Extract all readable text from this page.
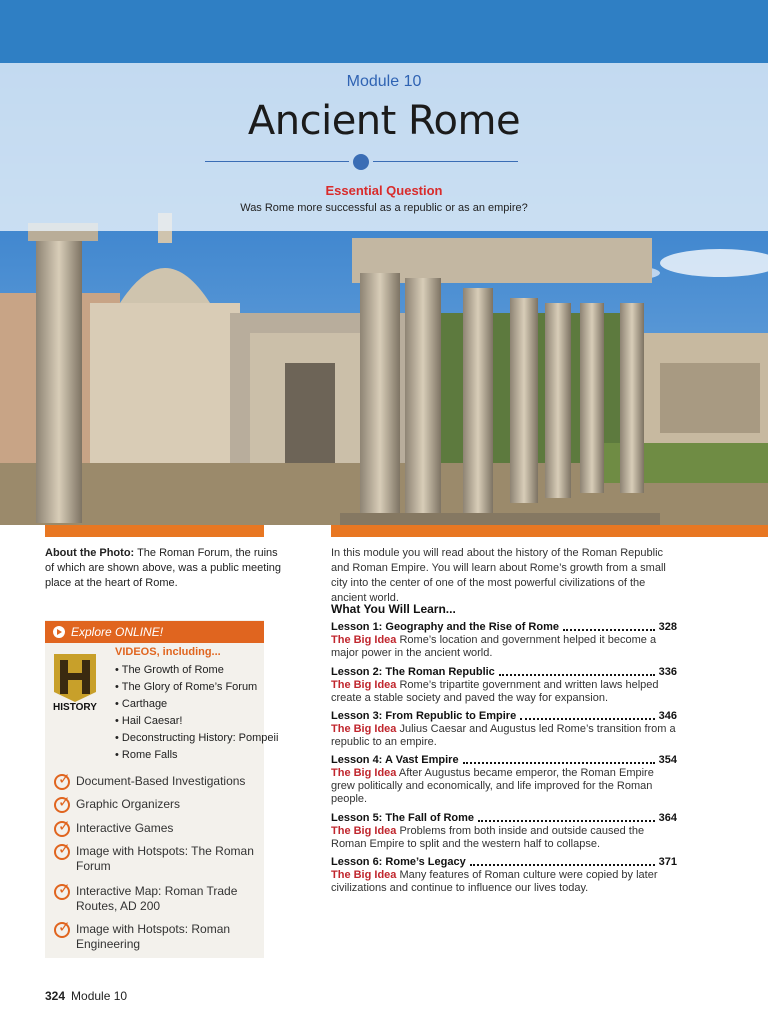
Module 10
Ancient Rome
Essential Question
Was Rome more successful as a republic or as an empire?
About the Photo: The Roman Forum, the ruins of which are shown above, was a public meeting place at the heart of Rome.
Explore ONLINE!
HISTORY
VIDEOS, including...
• The Growth of Rome
• The Glory of Rome’s Forum
• Carthage
• Hail Caesar!
• Deconstructing History: Pompeii
• Rome Falls
✓
Document-Based Investigations
✓
Graphic Organizers
✓
Interactive Games
✓
Image with Hotspots: The Roman Forum
✓
Interactive Map: Roman Trade Routes, AD 200
✓
Image with Hotspots: Roman Engineering
In this module you will read about the history of the Roman Republic and Roman Empire. You will learn about Rome’s growth from a small city into the center of one of the most powerful civilizations of the ancient world.
What You Will Learn...
Lesson 1: Geography and the Rise of Rome	328
The Big Idea Rome’s location and government helped it become a major power in the ancient world.
Lesson 2: The Roman Republic	336
The Big Idea Rome’s tripartite government and written laws helped create a stable society and paved the way for expansion.
Lesson 3: From Republic to Empire	346
The Big Idea Julius Caesar and Augustus led Rome’s transition from a republic to an empire.
Lesson 4: A Vast Empire	354
The Big Idea After Augustus became emperor, the Roman Empire grew politically and economically, and life improved for the Roman people.
Lesson 5: The Fall of Rome	364
The Big Idea Problems from both inside and outside caused the Roman Empire to split and the western half to collapse.
Lesson 6: Rome’s Legacy	371
The Big Idea Many features of Roman culture were copied by later civilizations and continue to influence our lives today.
324 Module 10
